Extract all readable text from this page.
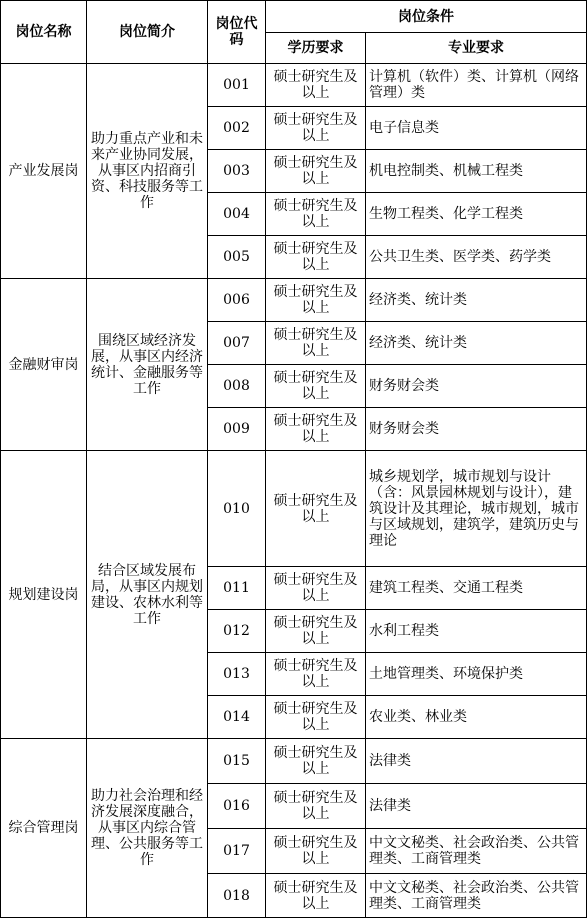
岗位名称	岗位简介	岗位代码	岗位条件	
			学历要求	专业要求
产业发展岗	助力重点产业和未来产业协同发展，从事区内招商引资、科技服务等工作	001	硕士研究生及以上	计算机（软件）类、计算机（网络管理）类
		002	硕士研究生及以上	电子信息类
		003	硕士研究生及以上	机电控制类、机械工程类
		004	硕士研究生及以上	生物工程类、化学工程类
		005	硕士研究生及以上	公共卫生类、医学类、药学类
金融财审岗	围绕区域经济发展，从事区内经济统计、金融服务等工作	006	硕士研究生及以上	经济类、统计类
		007	硕士研究生及以上	经济类、统计类
		008	硕士研究生及以上	财务财会类
		009	硕士研究生及以上	财务财会类
规划建设岗	结合区域发展布局，从事区内规划建设、农林水利等工作	010	硕士研究生及以上	城乡规划学，城市规划与设计（含：风景园林规划与设计），建筑设计及其理论，城市规划，城市与区域规划，建筑学，建筑历史与理论
		011	硕士研究生及以上	建筑工程类、交通工程类
		012	硕士研究生及以上	水利工程类
		013	硕士研究生及以上	土地管理类、环境保护类
		014	硕士研究生及以上	农业类、林业类
综合管理岗	助力社会治理和经济发展深度融合，从事区内综合管理、公共服务等工作	015	硕士研究生及以上	法律类
		016	硕士研究生及以上	法律类
		017	硕士研究生及以上	中文文秘类、社会政治类、公共管理类、工商管理类
		018	硕士研究生及以上	中文文秘类、社会政治类、公共管理类、工商管理类
